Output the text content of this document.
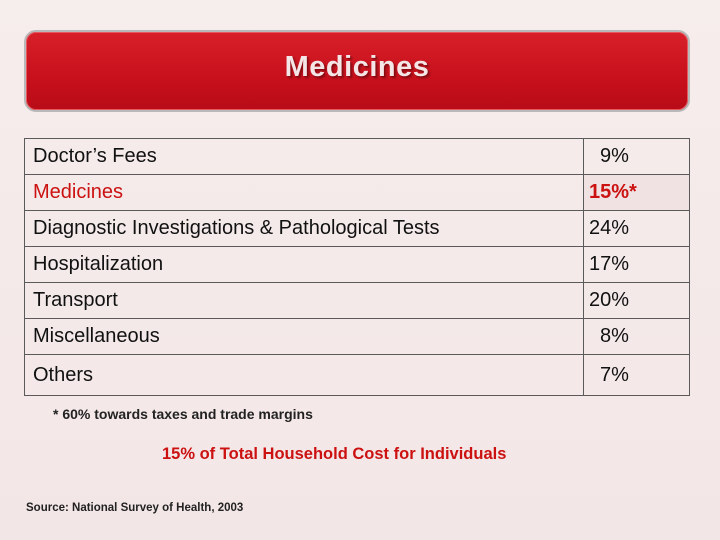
Medicines
Doctor’s Fees		9%
Medicines		15%*
Diagnostic Investigations & Pathological Tests		24%
Hospitalization		17%
Transport		20%
Miscellaneous		8%
Others		7%
* 60% towards taxes and trade margins
15% of Total Household Cost for Individuals
Source: National Survey of Health, 2003
